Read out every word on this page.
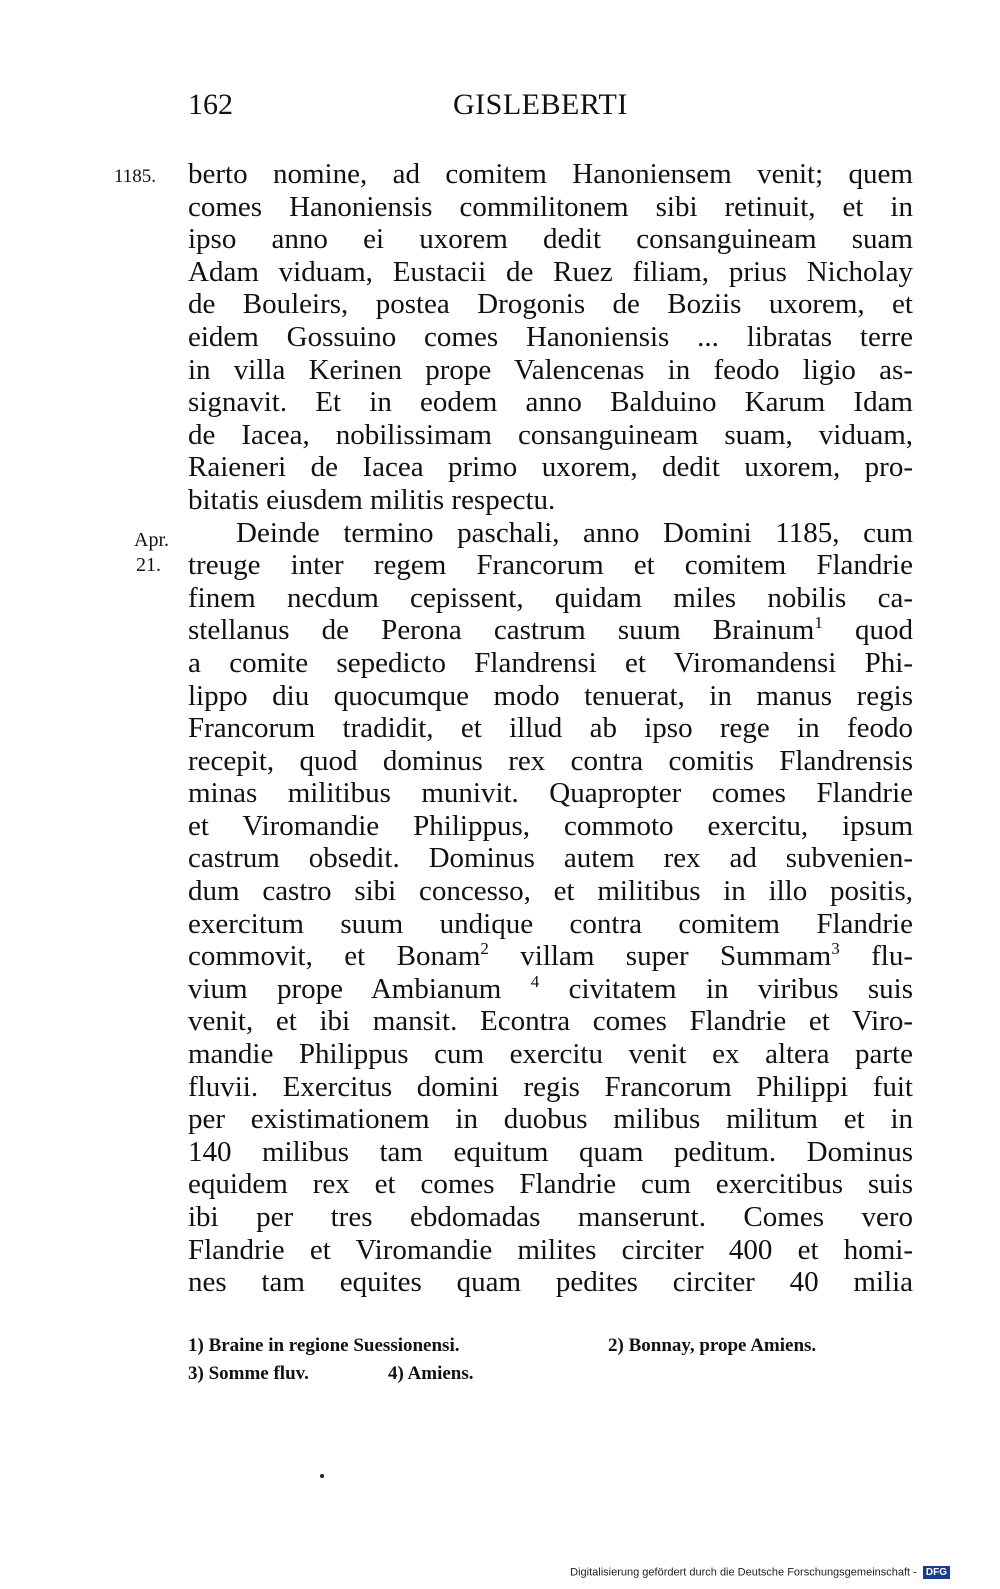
162	GISLEBERTI
1185.
Apr.
21.
berto nomine, ad comitem Hanoniensem venit; quem
comes Hanoniensis commilitonem sibi retinuit, et in
ipso anno ei uxorem dedit consanguineam suam
Adam viduam, Eustacii de Ruez filiam, prius Nicholay
de Bouleirs, postea Drogonis de Boziis uxorem, et
eidem Gossuino comes Hanoniensis ... libratas terre
in villa Kerinen prope Valencenas in feodo ligio as-
signavit. Et in eodem anno Balduino Karum Idam
de Iacea, nobilissimam consanguineam suam, viduam,
Raieneri de Iacea primo uxorem, dedit uxorem, pro-
bitatis eiusdem militis respectu.
Deinde termino paschali, anno Domini 1185, cum
treuge inter regem Francorum et comitem Flandrie
finem necdum cepissent, quidam miles nobilis ca-
stellanus de Perona castrum suum Brainum$^1$ quod
a comite sepedicto Flandrensi et Viromandensi Phi-
lippo diu quocumque modo tenuerat, in manus regis
Francorum tradidit, et illud ab ipso rege in feodo
recepit, quod dominus rex contra comitis Flandrensis
minas militibus munivit. Quapropter comes Flandrie
et Viromandie Philippus, commoto exercitu, ipsum
castrum obsedit. Dominus autem rex ad subvenien-
dum castro sibi concesso, et militibus in illo positis,
exercitum suum undique contra comitem Flandrie
commovit, et Bonam$^2$ villam super Summam$^3$ flu-
vium prope Ambianum $^4$ civitatem in viribus suis
venit, et ibi mansit. Econtra comes Flandrie et Viro-
mandie Philippus cum exercitu venit ex altera parte
fluvii. Exercitus domini regis Francorum Philippi fuit
per existimationem in duobus milibus militum et in
140 milibus tam equitum quam peditum. Dominus
equidem rex et comes Flandrie cum exercitibus suis
ibi per tres ebdomadas manserunt. Comes vero
Flandrie et Viromandie milites circiter 400 et homi-
nes tam equites quam pedites circiter 40 milia
1) Braine in regione Suessionensi.	2) Bonnay, prope Amiens.
3) Somme fluv.	4) Amiens.
Digitalisierung gefördert durch die Deutsche Forschungsgemeinschaft - DFG
